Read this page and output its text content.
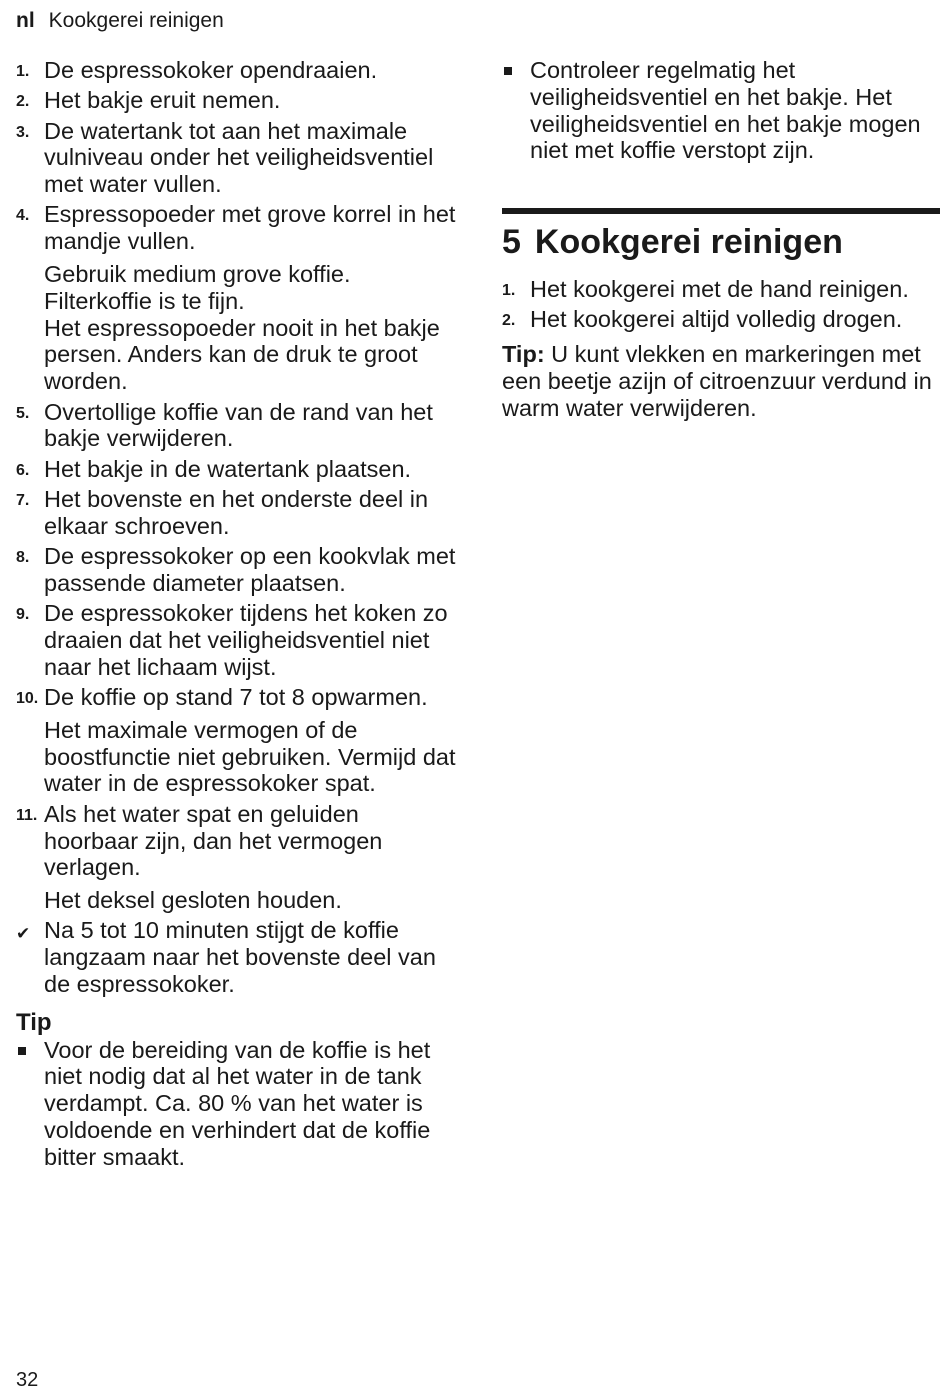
nl Kookgerei reinigen
1. De espressokoker opendraaien.
2. Het bakje eruit nemen.
3. De watertank tot aan het maximale vulniveau onder het veiligheidsventiel met water vullen.
4. Espressopoeder met grove korrel in het mandje vullen.
Gebruik medium grove koffie. Filterkoffie is te fijn.
Het espressopoeder nooit in het bakje persen. Anders kan de druk te groot worden.
5. Overtollige koffie van de rand van het bakje verwijderen.
6. Het bakje in de watertank plaatsen.
7. Het bovenste en het onderste deel in elkaar schroeven.
8. De espressokoker op een kookvlak met passende diameter plaatsen.
9. De espressokoker tijdens het koken zo draaien dat het veiligheidsventiel niet naar het lichaam wijst.
10. De koffie op stand 7 tot 8 opwarmen.
Het maximale vermogen of de boostfunctie niet gebruiken. Vermijd dat water in de espressokoker spat.
11. Als het water spat en geluiden hoorbaar zijn, dan het vermogen verlagen.
Het deksel gesloten houden.
✔ Na 5 tot 10 minuten stijgt de koffie langzaam naar het bovenste deel van de espressokoker.
Tip
Voor de bereiding van de koffie is het niet nodig dat al het water in de tank verdampt. Ca. 80 % van het water is voldoende en verhindert dat de koffie bitter smaakt.
Controleer regelmatig het veiligheidsventiel en het bakje. Het veiligheidsventiel en het bakje mogen niet met koffie verstopt zijn.
5 Kookgerei reinigen
1. Het kookgerei met de hand reinigen.
2. Het kookgerei altijd volledig drogen.
Tip: U kunt vlekken en markeringen met een beetje azijn of citroenzuur verdund in warm water verwijderen.
32
